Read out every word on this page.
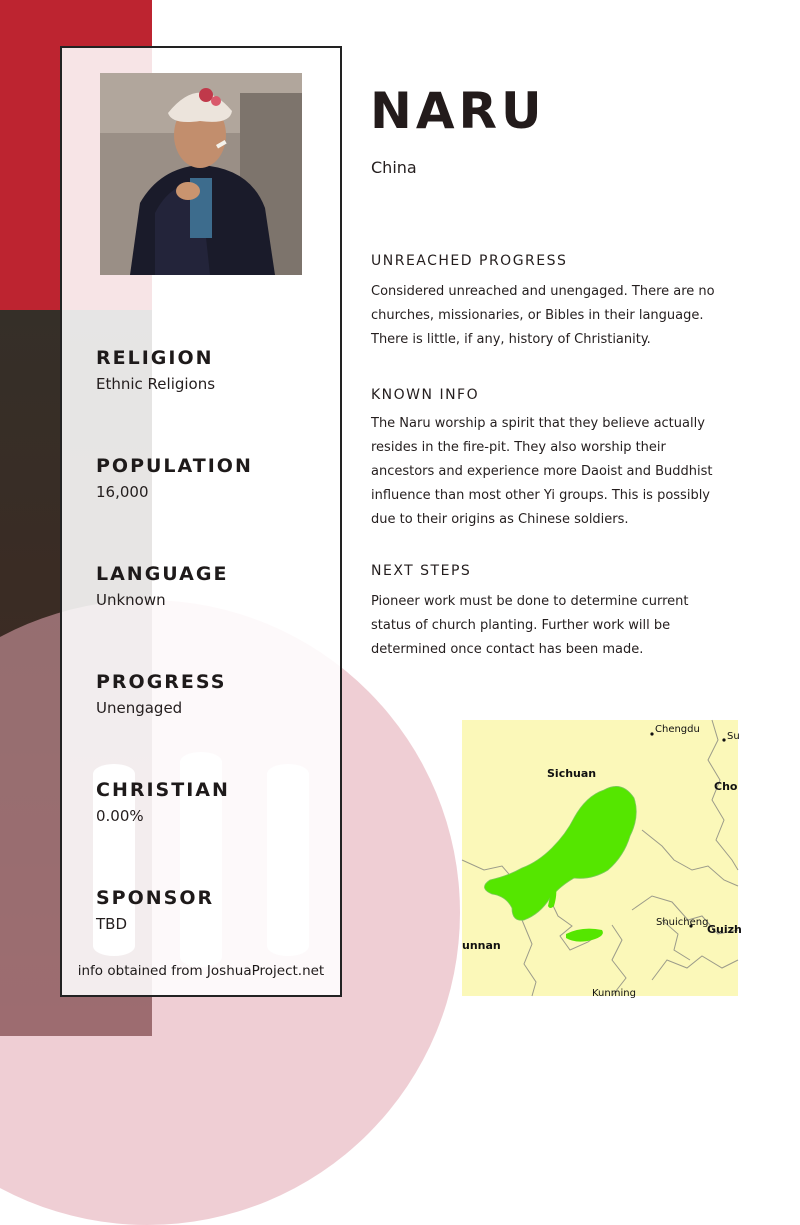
RELIGION
Ethnic Religions
POPULATION
16,000
LANGUAGE
Unknown
PROGRESS
Unengaged
CHRISTIAN
0.00%
SPONSOR
TBD
info obtained from JoshuaProject.net
NARU
China
UNREACHED PROGRESS
Considered unreached and unengaged. There are no
churches, missionaries, or Bibles in their language.
There is little, if any, history of Christianity.
KNOWN INFO
The Naru worship a spirit that they believe actually
resides in the fire-pit. They also worship their
ancestors and experience more Daoist and Buddhist
influence than most other Yi groups. This is possibly
due to their origins as Chinese soldiers.
NEXT STEPS
Pioneer work must be done to determine current
status of church planting. Further work will be
determined once contact has been made.
Chengdu
Su
Sichuan
Cho
Shuicheng
Guizh
unnan
Kunming
